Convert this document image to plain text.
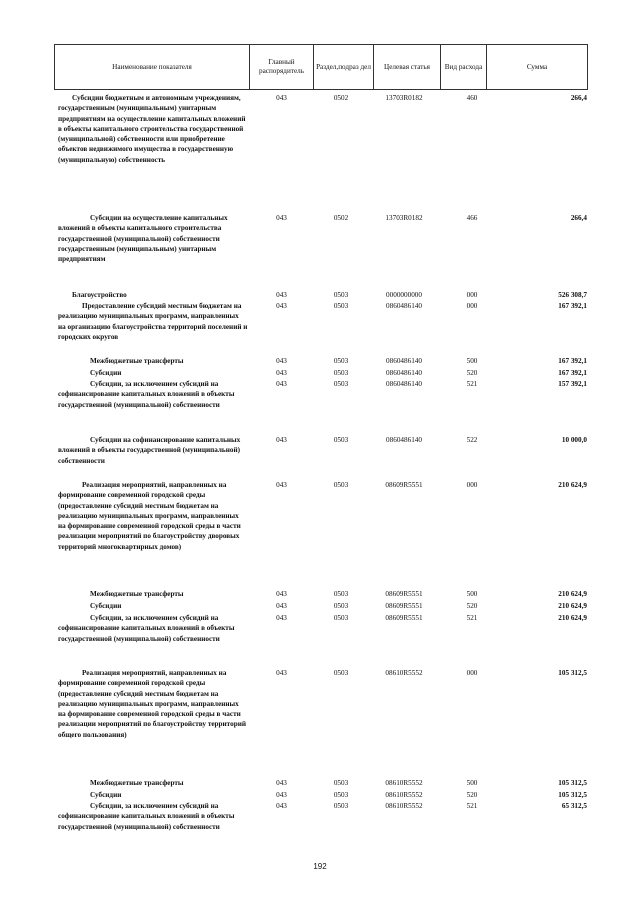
Наименование показателя	Главный распорядитель	Раздел,подраз дел	Целевая статья	Вид расхода	Сумма
Субсидии бюджетным и автономным учреждениям, государственным (муниципальным) унитарным предприятиям на осуществление капитальных вложений в объекты капитального строительства государственной (муниципальной) собственности или приобретение объектов недвижимого имущества в государственную (муниципальную) собственность
043	0502	13703R0182	460	266,4
Субсидии на осуществление капитальных вложений в объекты капитального строительства государственной (муниципальной) собственности государственным (муниципальным) унитарным предприятиям
043	0502	13703R0182	466	266,4
Благоустройство	043	0503	0000000000	000	526 308,7
Предоставление субсидий местным бюджетам на реализацию муниципальных программ, направленных на организацию благоустройства территорий поселений и городских округов
043	0503	0860486140	000	167 392,1
Межбюджетные трансферты	043	0503	0860486140	500	167 392,1
Субсидии	043	0503	0860486140	520	167 392,1
Субсидии, за исключением субсидий на софинансирование капитальных вложений в объекты государственной (муниципальной) собственности
043	0503	0860486140	521	157 392,1
Субсидии на софинансирование капитальных вложений в объекты государственной (муниципальной) собственности
043	0503	0860486140	522	10 000,0
Реализация мероприятий, направленных на формирование современной городской среды (предоставление субсидий местным бюджетам на реализацию муниципальных программ, направленных на формирование современной городской среды в части реализации мероприятий по благоустройству дворовых территорий многоквартирных домов)
043	0503	08609R5551	000	210 624,9
Межбюджетные трансферты	043	0503	08609R5551	500	210 624,9
Субсидии	043	0503	08609R5551	520	210 624,9
Субсидии, за исключением субсидий на софинансирование капитальных вложений в объекты государственной (муниципальной) собственности
043	0503	08609R5551	521	210 624,9
Реализация мероприятий, направленных на формирование современной городской среды (предоставление субсидий местным бюджетам на реализацию муниципальных программ, направленных на формирование современной городской среды в части реализации мероприятий по благоустройству территорий общего пользования)
043	0503	08610R5552	000	105 312,5
Межбюджетные трансферты	043	0503	08610R5552	500	105 312,5
Субсидии	043	0503	08610R5552	520	105 312,5
Субсидии, за исключением субсидий на софинансирование капитальных вложений в объекты государственной (муниципальной) собственности
043	0503	08610R5552	521	65 312,5
192
